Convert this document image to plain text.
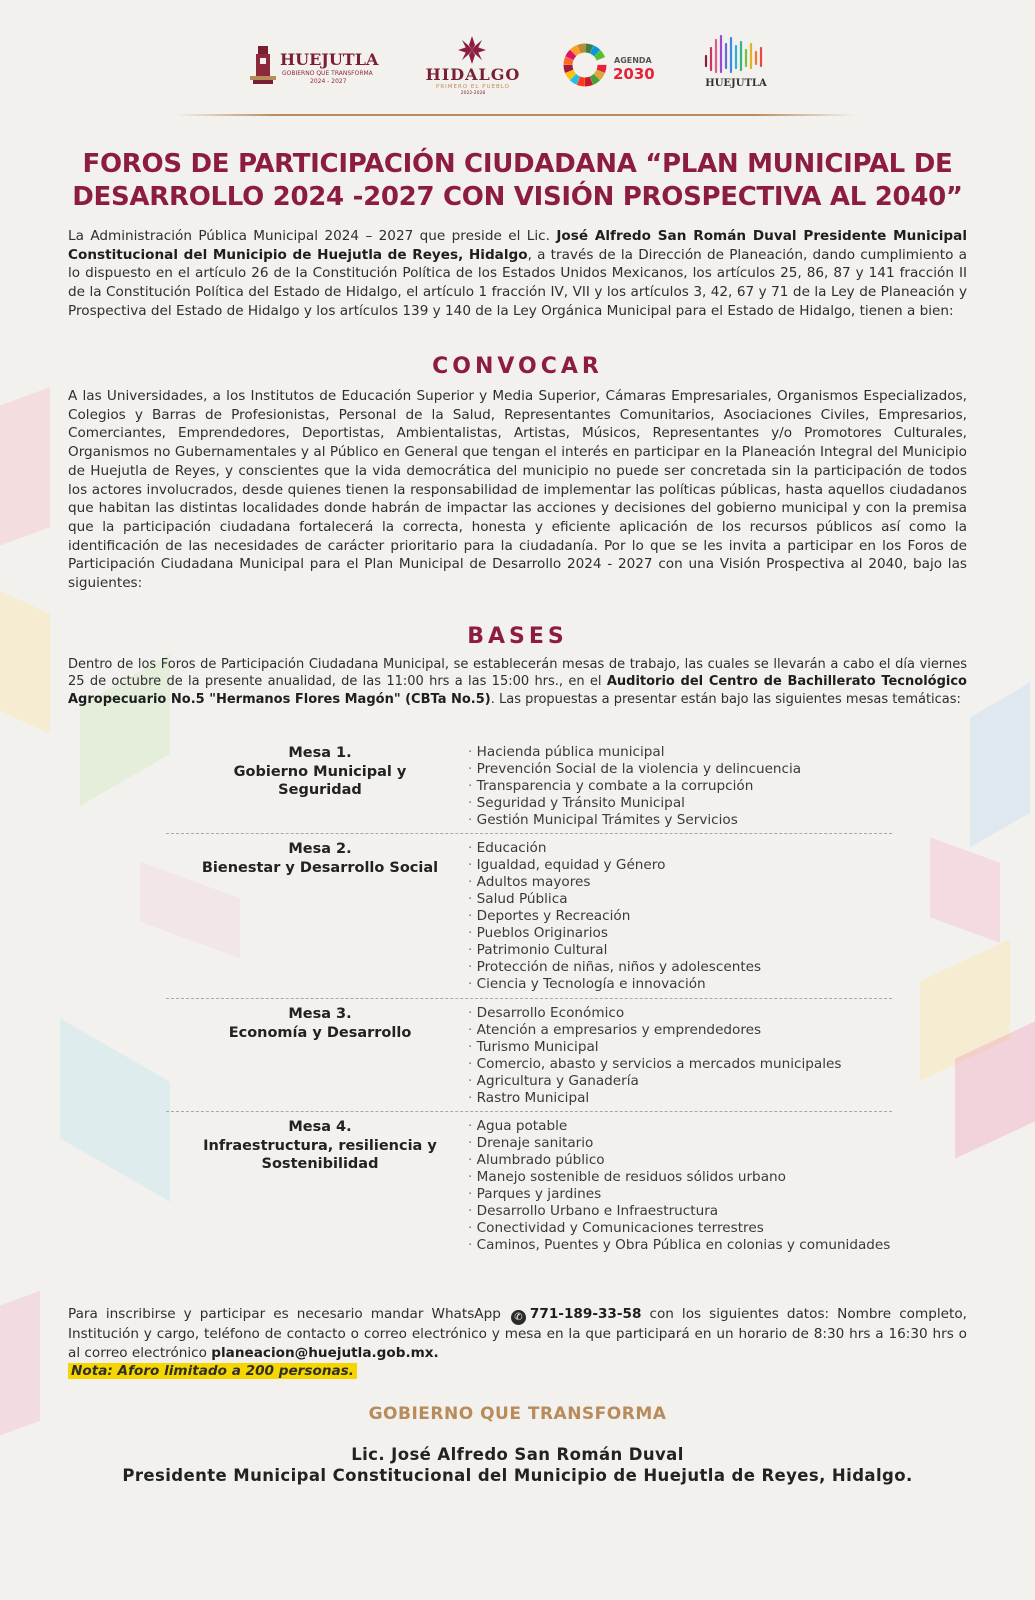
HUEJUTLA
GOBIERNO QUE TRANSFORMA
2024 - 2027	HIDALGO
PRIMERO EL PUEBLO
2022-2028
AGENDA
2030
HUEJUTLA
FOROS DE PARTICIPACIÓN CIUDADANA “PLAN MUNICIPAL DE
DESARROLLO 2024 -2027 CON VISIÓN PROSPECTIVA AL 2040”
La Administración Pública Municipal 2024 – 2027 que preside el Lic. José Alfredo San Román Duval Presidente Municipal Constitucional del Municipio de Huejutla de Reyes, Hidalgo, a través de la Dirección de Planeación, dando cumplimiento a lo dispuesto en el artículo 26 de la Constitución Política de los Estados Unidos Mexicanos, los artículos 25, 86, 87 y 141 fracción II de la Constitución Política del Estado de Hidalgo, el artículo 1 fracción IV, VII y los artículos 3, 42, 67 y 71 de la Ley de Planeación y Prospectiva del Estado de Hidalgo y los artículos 139 y 140 de la Ley Orgánica Municipal para el Estado de Hidalgo, tienen a bien:
CONVOCAR
A las Universidades, a los Institutos de Educación Superior y Media Superior, Cámaras Empresariales, Organismos Especializados, Colegios y Barras de Profesionistas, Personal de la Salud, Representantes Comunitarios, Asociaciones Civiles, Empresarios, Comerciantes, Emprendedores, Deportistas, Ambientalistas, Artistas, Músicos, Representantes y/o Promotores Culturales, Organismos no Gubernamentales y al Público en General que tengan el interés en participar en la Planeación Integral del Municipio de Huejutla de Reyes, y conscientes que la vida democrática del municipio no puede ser concretada sin la participación de todos los actores involucrados, desde quienes tienen la responsabilidad de implementar las políticas públicas, hasta aquellos ciudadanos que habitan las distintas localidades donde habrán de impactar las acciones y decisiones del gobierno municipal y con la premisa que la participación ciudadana fortalecerá la correcta, honesta y eficiente aplicación de los recursos públicos así como la identificación de las necesidades de carácter prioritario para la ciudadanía. Por lo que se les invita a participar en los Foros de Participación Ciudadana Municipal para el Plan Municipal de Desarrollo 2024 - 2027 con una Visión Prospectiva al 2040, bajo las siguientes:
BASES
Dentro de los Foros de Participación Ciudadana Municipal, se establecerán mesas de trabajo, las cuales se llevarán a cabo el día viernes 25 de octubre de la presente anualidad, de las 11:00 hrs a las 15:00 hrs., en el Auditorio del Centro de Bachillerato Tecnológico Agropecuario No.5 "Hermanos Flores Magón" (CBTa No.5). Las propuestas a presentar están bajo las siguientes mesas temáticas:
Mesa 1.
Gobierno Municipal y
Seguridad
· Hacienda pública municipal
· Prevención Social de la violencia y delincuencia
· Transparencia y combate a la corrupción
· Seguridad y Tránsito Municipal
· Gestión Municipal Trámites y Servicios
Mesa 2.
Bienestar y Desarrollo Social
· Educación
· Igualdad, equidad y Género
· Adultos mayores
· Salud Pública
· Deportes y Recreación
· Pueblos Originarios
· Patrimonio Cultural
· Protección de niñas, niños y adolescentes
· Ciencia y Tecnología e innovación
Mesa 3.
Economía y Desarrollo
· Desarrollo Económico
· Atención a empresarios y emprendedores
· Turismo Municipal
· Comercio, abasto y servicios a mercados municipales
· Agricultura y Ganadería
· Rastro Municipal
Mesa 4.
Infraestructura, resiliencia y
Sostenibilidad
· Agua potable
· Drenaje sanitario
· Alumbrado público
· Manejo sostenible de residuos sólidos urbano
· Parques y jardines
· Desarrollo Urbano e Infraestructura
· Conectividad y Comunicaciones terrestres
· Caminos, Puentes y Obra Pública en colonias y comunidades
Para inscribirse y participar es necesario mandar WhatsApp ✆ 771-189-33-58 con los siguientes datos: Nombre completo, Institución y cargo, teléfono de contacto o correo electrónico y mesa en la que participará en un horario de 8:30 hrs a 16:30 hrs o al correo electrónico planeacion@huejutla.gob.mx.
Nota: Aforo limitado a 200 personas.
GOBIERNO QUE TRANSFORMA
Lic. José Alfredo San Román Duval
Presidente Municipal Constitucional del Municipio de Huejutla de Reyes, Hidalgo.
